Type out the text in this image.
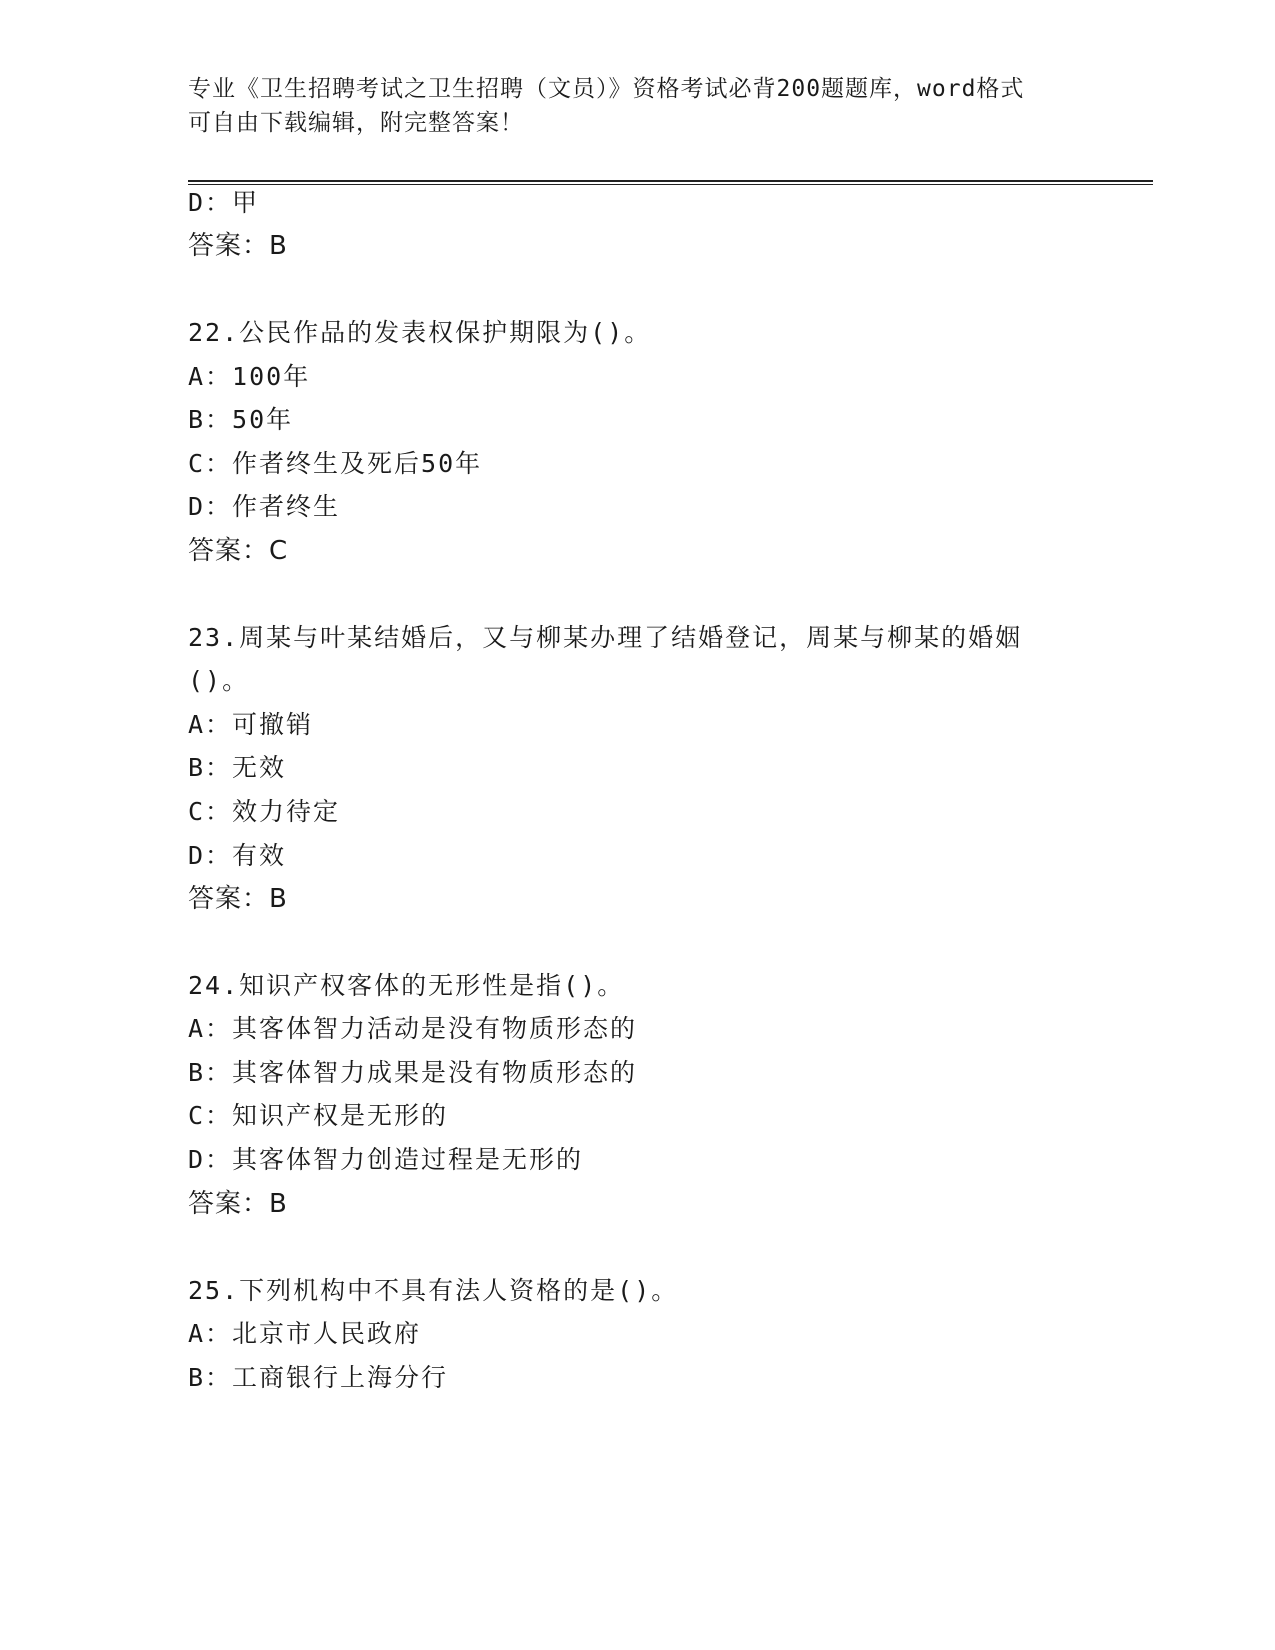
专业《卫生招聘考试之卫生招聘（文员）》资格考试必背200题题库，word格式
可自由下载编辑，附完整答案！
D：甲
答案：B
22.公民作品的发表权保护期限为()。
A：100年
B：50年
C：作者终生及死后50年
D：作者终生
答案：C
23.周某与叶某结婚后，又与柳某办理了结婚登记，周某与柳某的婚姻
()。
A：可撤销
B：无效
C：效力待定
D：有效
答案：B
24.知识产权客体的无形性是指()。
A：其客体智力活动是没有物质形态的
B：其客体智力成果是没有物质形态的
C：知识产权是无形的
D：其客体智力创造过程是无形的
答案：B
25.下列机构中不具有法人资格的是()。
A：北京市人民政府
B：工商银行上海分行
